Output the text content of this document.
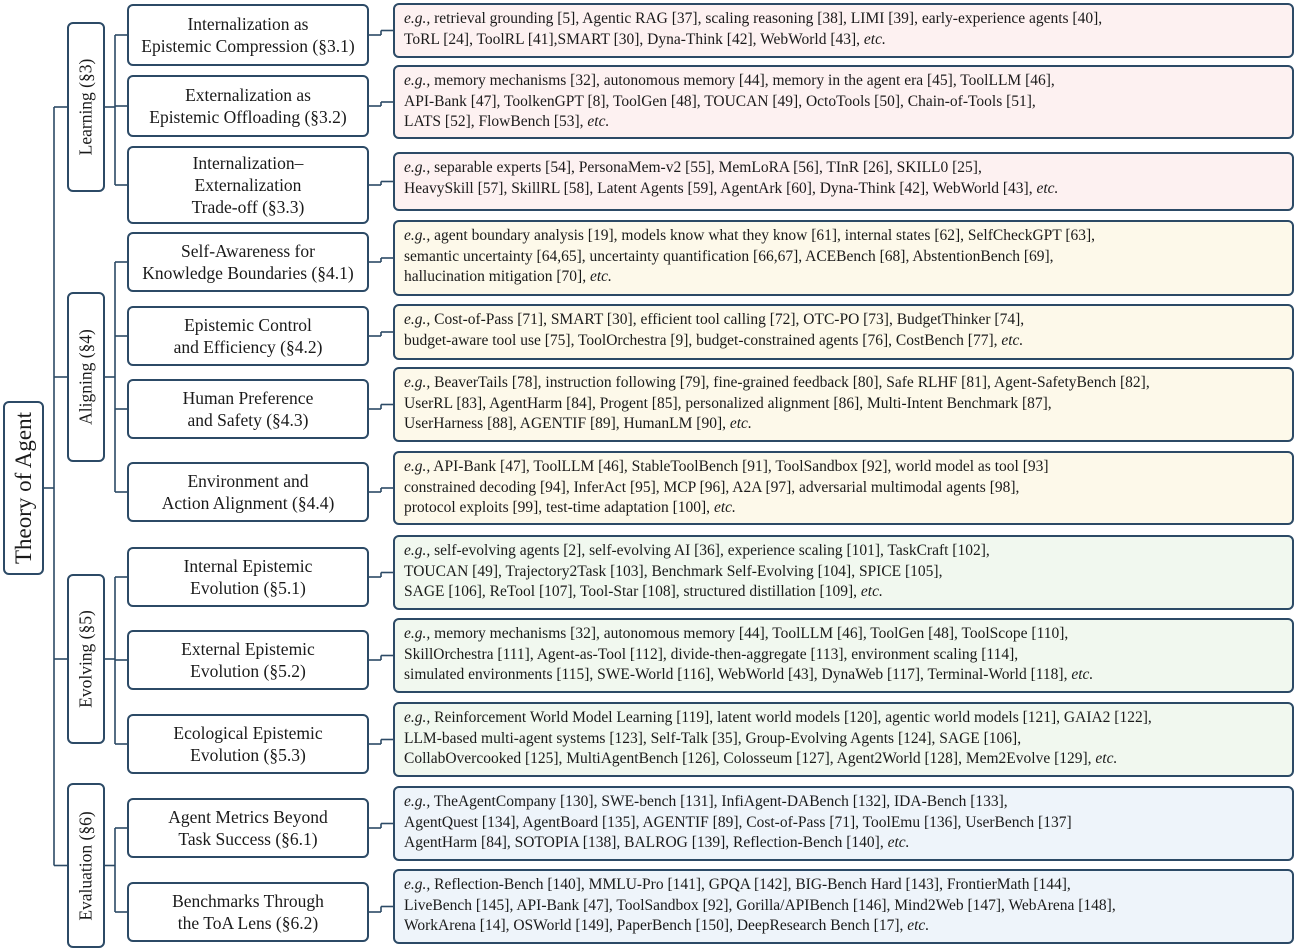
Theory of Agent
Learning (§3)
Internalization as
Epistemic Compression (§3.1)
e.g., retrieval grounding [5], Agentic RAG [37], scaling reasoning [38], LIMI [39], early-experience agents [40],
ToRL [24], ToolRL [41],SMART [30], Dyna-Think [42], WebWorld [43], etc.
Externalization as
Epistemic Offloading (§3.2)
e.g., memory mechanisms [32], autonomous memory [44], memory in the agent era [45], ToolLLM [46],
API-Bank [47], ToolkenGPT [8], ToolGen [48], TOUCAN [49], OctoTools [50], Chain-of-Tools [51],
LATS [52], FlowBench [53], etc.
Internalization–
Externalization
Trade-off (§3.3)
e.g., separable experts [54], PersonaMem-v2 [55], MemLoRA [56], TInR [26], SKILL0 [25],
HeavySkill [57], SkillRL [58], Latent Agents [59], AgentArk [60], Dyna-Think [42], WebWorld [43], etc.
Aligning (§4)
Self-Awareness for
Knowledge Boundaries (§4.1)
e.g., agent boundary analysis [19], models know what they know [61], internal states [62], SelfCheckGPT [63],
semantic uncertainty [64,65], uncertainty quantification [66,67], ACEBench [68], AbstentionBench [69],
hallucination mitigation [70], etc.
Epistemic Control
and Efficiency (§4.2)
e.g., Cost-of-Pass [71], SMART [30], efficient tool calling [72], OTC-PO [73], BudgetThinker [74],
budget-aware tool use [75], ToolOrchestra [9], budget-constrained agents [76], CostBench [77], etc.
Human Preference
and Safety (§4.3)
e.g., BeaverTails [78], instruction following [79], fine-grained feedback [80], Safe RLHF [81], Agent-SafetyBench [82],
UserRL [83], AgentHarm [84], Progent [85], personalized alignment [86], Multi-Intent Benchmark [87],
UserHarness [88], AGENTIF [89], HumanLM [90], etc.
Environment and
Action Alignment (§4.4)
e.g., API-Bank [47], ToolLLM [46], StableToolBench [91], ToolSandbox [92], world model as tool [93]
constrained decoding [94], InferAct [95], MCP [96], A2A [97], adversarial multimodal agents [98],
protocol exploits [99], test-time adaptation [100], etc.
Evolving (§5)
Internal Epistemic
Evolution (§5.1)
e.g., self-evolving agents [2], self-evolving AI [36], experience scaling [101], TaskCraft [102],
TOUCAN [49], Trajectory2Task [103], Benchmark Self-Evolving [104], SPICE [105],
SAGE [106], ReTool [107], Tool-Star [108], structured distillation [109], etc.
External Epistemic
Evolution (§5.2)
e.g., memory mechanisms [32], autonomous memory [44], ToolLLM [46], ToolGen [48], ToolScope [110],
SkillOrchestra [111], Agent-as-Tool [112], divide-then-aggregate [113], environment scaling [114],
simulated environments [115], SWE-World [116], WebWorld [43], DynaWeb [117], Terminal-World [118], etc.
Ecological Epistemic
Evolution (§5.3)
e.g., Reinforcement World Model Learning [119], latent world models [120], agentic world models [121], GAIA2 [122],
LLM-based multi-agent systems [123], Self-Talk [35], Group-Evolving Agents [124], SAGE [106],
CollabOvercooked [125], MultiAgentBench [126], Colosseum [127], Agent2World [128], Mem2Evolve [129], etc.
Evaluation (§6)	Agent Metrics Beyond
Task Success (§6.1)
e.g., TheAgentCompany [130], SWE-bench [131], InfiAgent-DABench [132], IDA-Bench [133],
AgentQuest [134], AgentBoard [135], AGENTIF [89], Cost-of-Pass [71], ToolEmu [136], UserBench [137]
AgentHarm [84], SOTOPIA [138], BALROG [139], Reflection-Bench [140], etc.
Benchmarks Through
the ToA Lens (§6.2)
e.g., Reflection-Bench [140], MMLU-Pro [141], GPQA [142], BIG-Bench Hard [143], FrontierMath [144],
LiveBench [145], API-Bank [47], ToolSandbox [92], Gorilla/APIBench [146], Mind2Web [147], WebArena [148],
WorkArena [14], OSWorld [149], PaperBench [150], DeepResearch Bench [17], etc.
